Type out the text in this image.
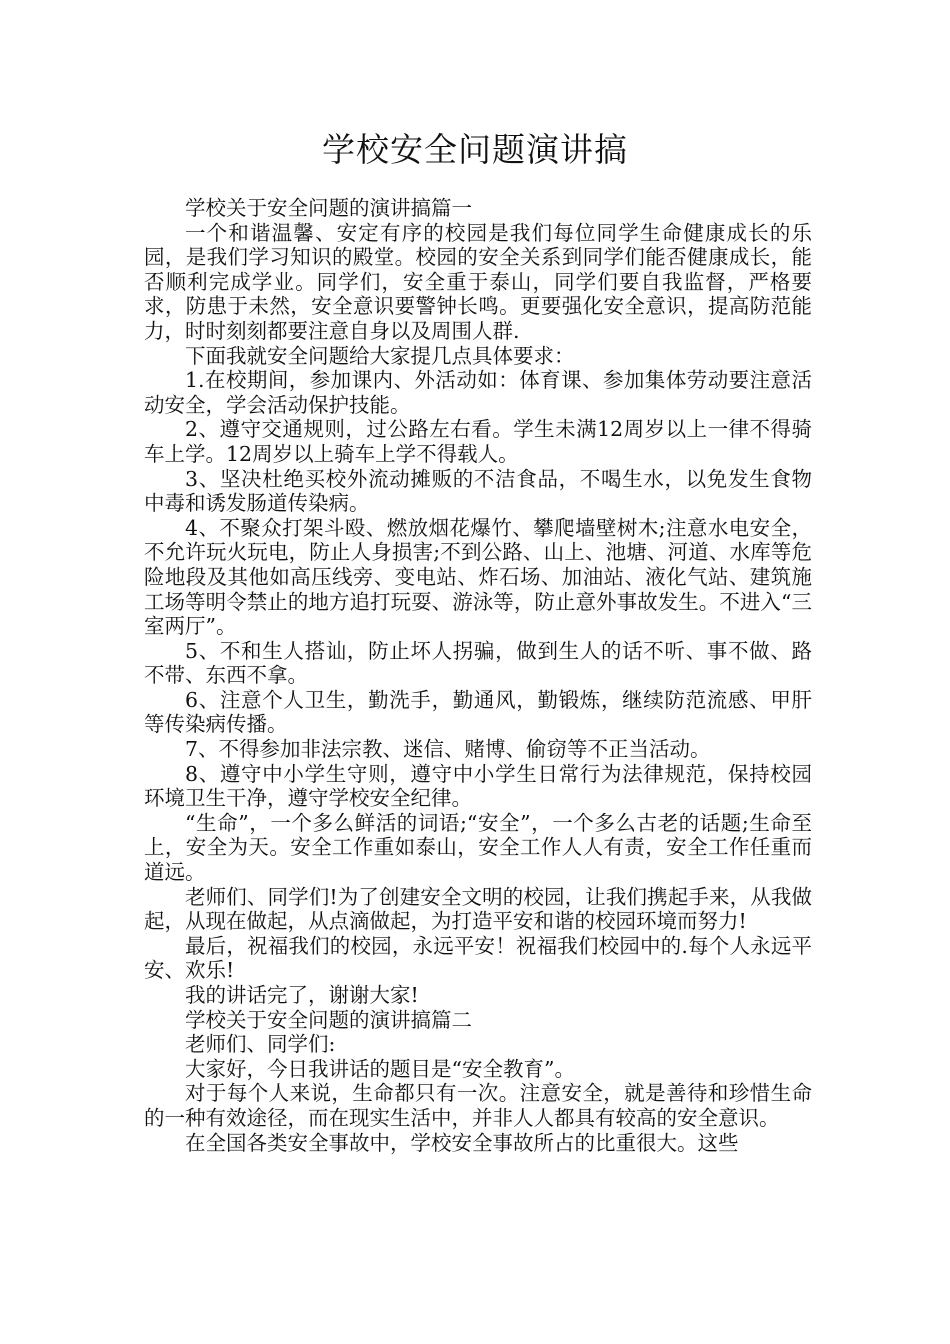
学校安全问题演讲搞

学校关于安全问题的演讲搞篇一

一个和谐温馨、安定有序的校园是我们每位同学生命健康成长的乐园，是我们学习知识的殿堂。校园的安全关系到同学们能否健康成长，能否顺利完成学业。同学们，安全重于泰山，同学们要自我监督，严格要求，防患于未然，安全意识要警钟长鸣。更要强化安全意识，提高防范能力，时时刻刻都要注意自身以及周围人群.

下面我就安全问题给大家提几点具体要求：

1.在校期间，参加课内、外活动如：体育课、参加集体劳动要注意活动安全，学会活动保护技能。

2、遵守交通规则，过公路左右看。学生未满12周岁以上一律不得骑车上学。12周岁以上骑车上学不得载人。

3、坚决杜绝买校外流动摊贩的不洁食品，不喝生水，以免发生食物中毒和诱发肠道传染病。

4、不聚众打架斗殴、燃放烟花爆竹、攀爬墙壁树木;注意水电安全，不允许玩火玩电，防止人身损害;不到公路、山上、池塘、河道、水库等危险地段及其他如高压线旁、变电站、炸石场、加油站、液化气站、建筑施工场等明令禁止的地方追打玩耍、游泳等，防止意外事故发生。不进入“三室两厅”。

5、不和生人搭讪，防止坏人拐骗，做到生人的话不听、事不做、路不带、东西不拿。

6、注意个人卫生，勤洗手，勤通风，勤锻炼，继续防范流感、甲肝等传染病传播。

7、不得参加非法宗教、迷信、赌博、偷窃等不正当活动。

8、遵守中小学生守则，遵守中小学生日常行为法律规范，保持校园环境卫生干净，遵守学校安全纪律。

“生命”，一个多么鲜活的词语;“安全”，一个多么古老的话题;生命至上，安全为天。安全工作重如泰山，安全工作人人有责，安全工作任重而道远。

老师们、同学们!为了创建安全文明的校园，让我们携起手来，从我做起，从现在做起，从点滴做起，为打造平安和谐的校园环境而努力!

最后，祝福我们的校园，永远平安！祝福我们校园中的.每个人永远平安、欢乐!

我的讲话完了，谢谢大家!

学校关于安全问题的演讲搞篇二

老师们、同学们:

大家好，今日我讲话的题目是“安全教育”。

对于每个人来说，生命都只有一次。注意安全，就是善待和珍惜生命的一种有效途径，而在现实生活中，并非人人都具有较高的安全意识。

在全国各类安全事故中，学校安全事故所占的比重很大。这些
